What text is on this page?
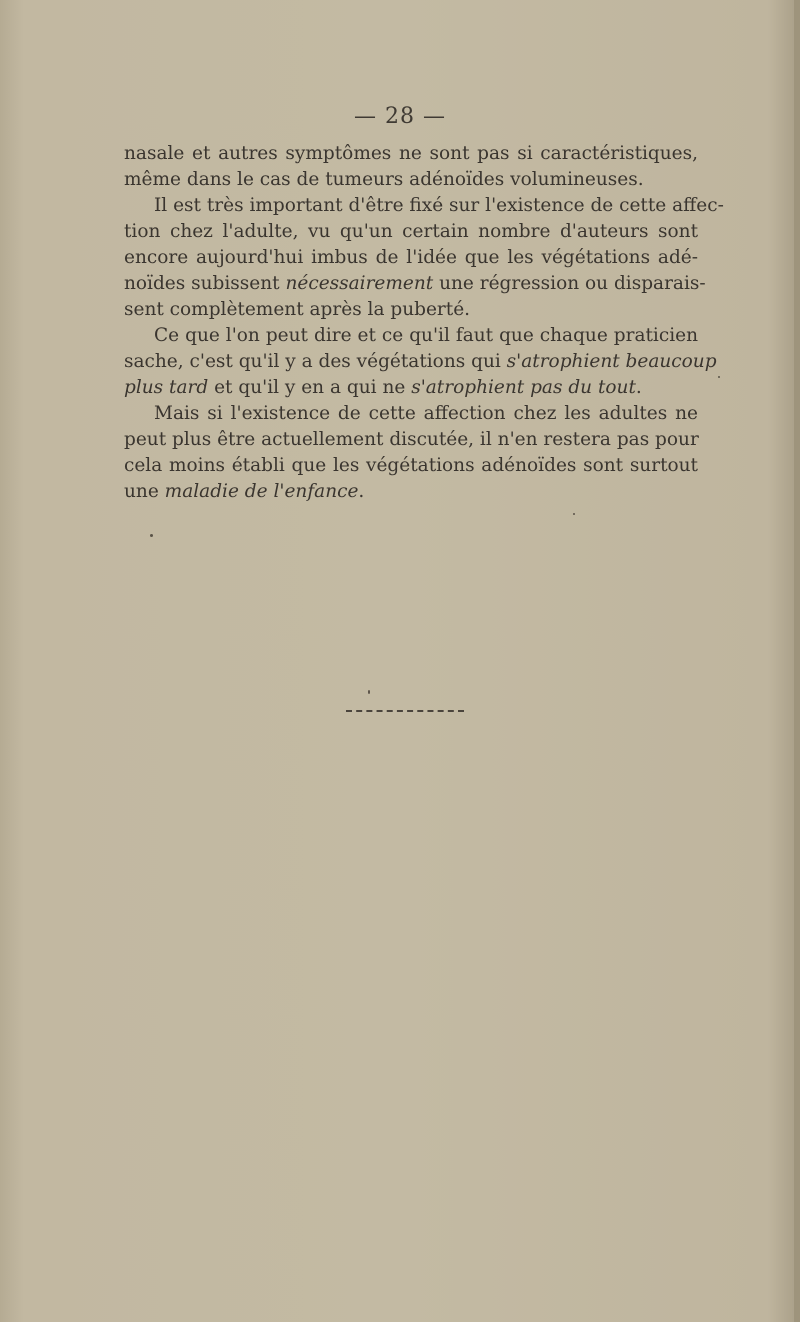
— 28 —

nasale et autres symptômes ne sont pas si caractéristiques,
même dans le cas de tumeurs adénoïdes volumineuses.

Il est très important d'être fixé sur l'existence de cette affec-
tion chez l'adulte, vu qu'un certain nombre d'auteurs sont
encore aujourd'hui imbus de l'idée que les végétations adé-
noïdes subissent nécessairement une régression ou disparais-
sent complètement après la puberté.

Ce que l'on peut dire et ce qu'il faut que chaque praticien
sache, c'est qu'il y a des végétations qui s'atrophient beaucoup
plus tard et qu'il y en a qui ne s'atrophient pas du tout.

Mais si l'existence de cette affection chez les adultes ne
peut plus être actuellement discutée, il n'en restera pas pour
cela moins établi que les végétations adénoïdes sont surtout
une maladie de l'enfance.
